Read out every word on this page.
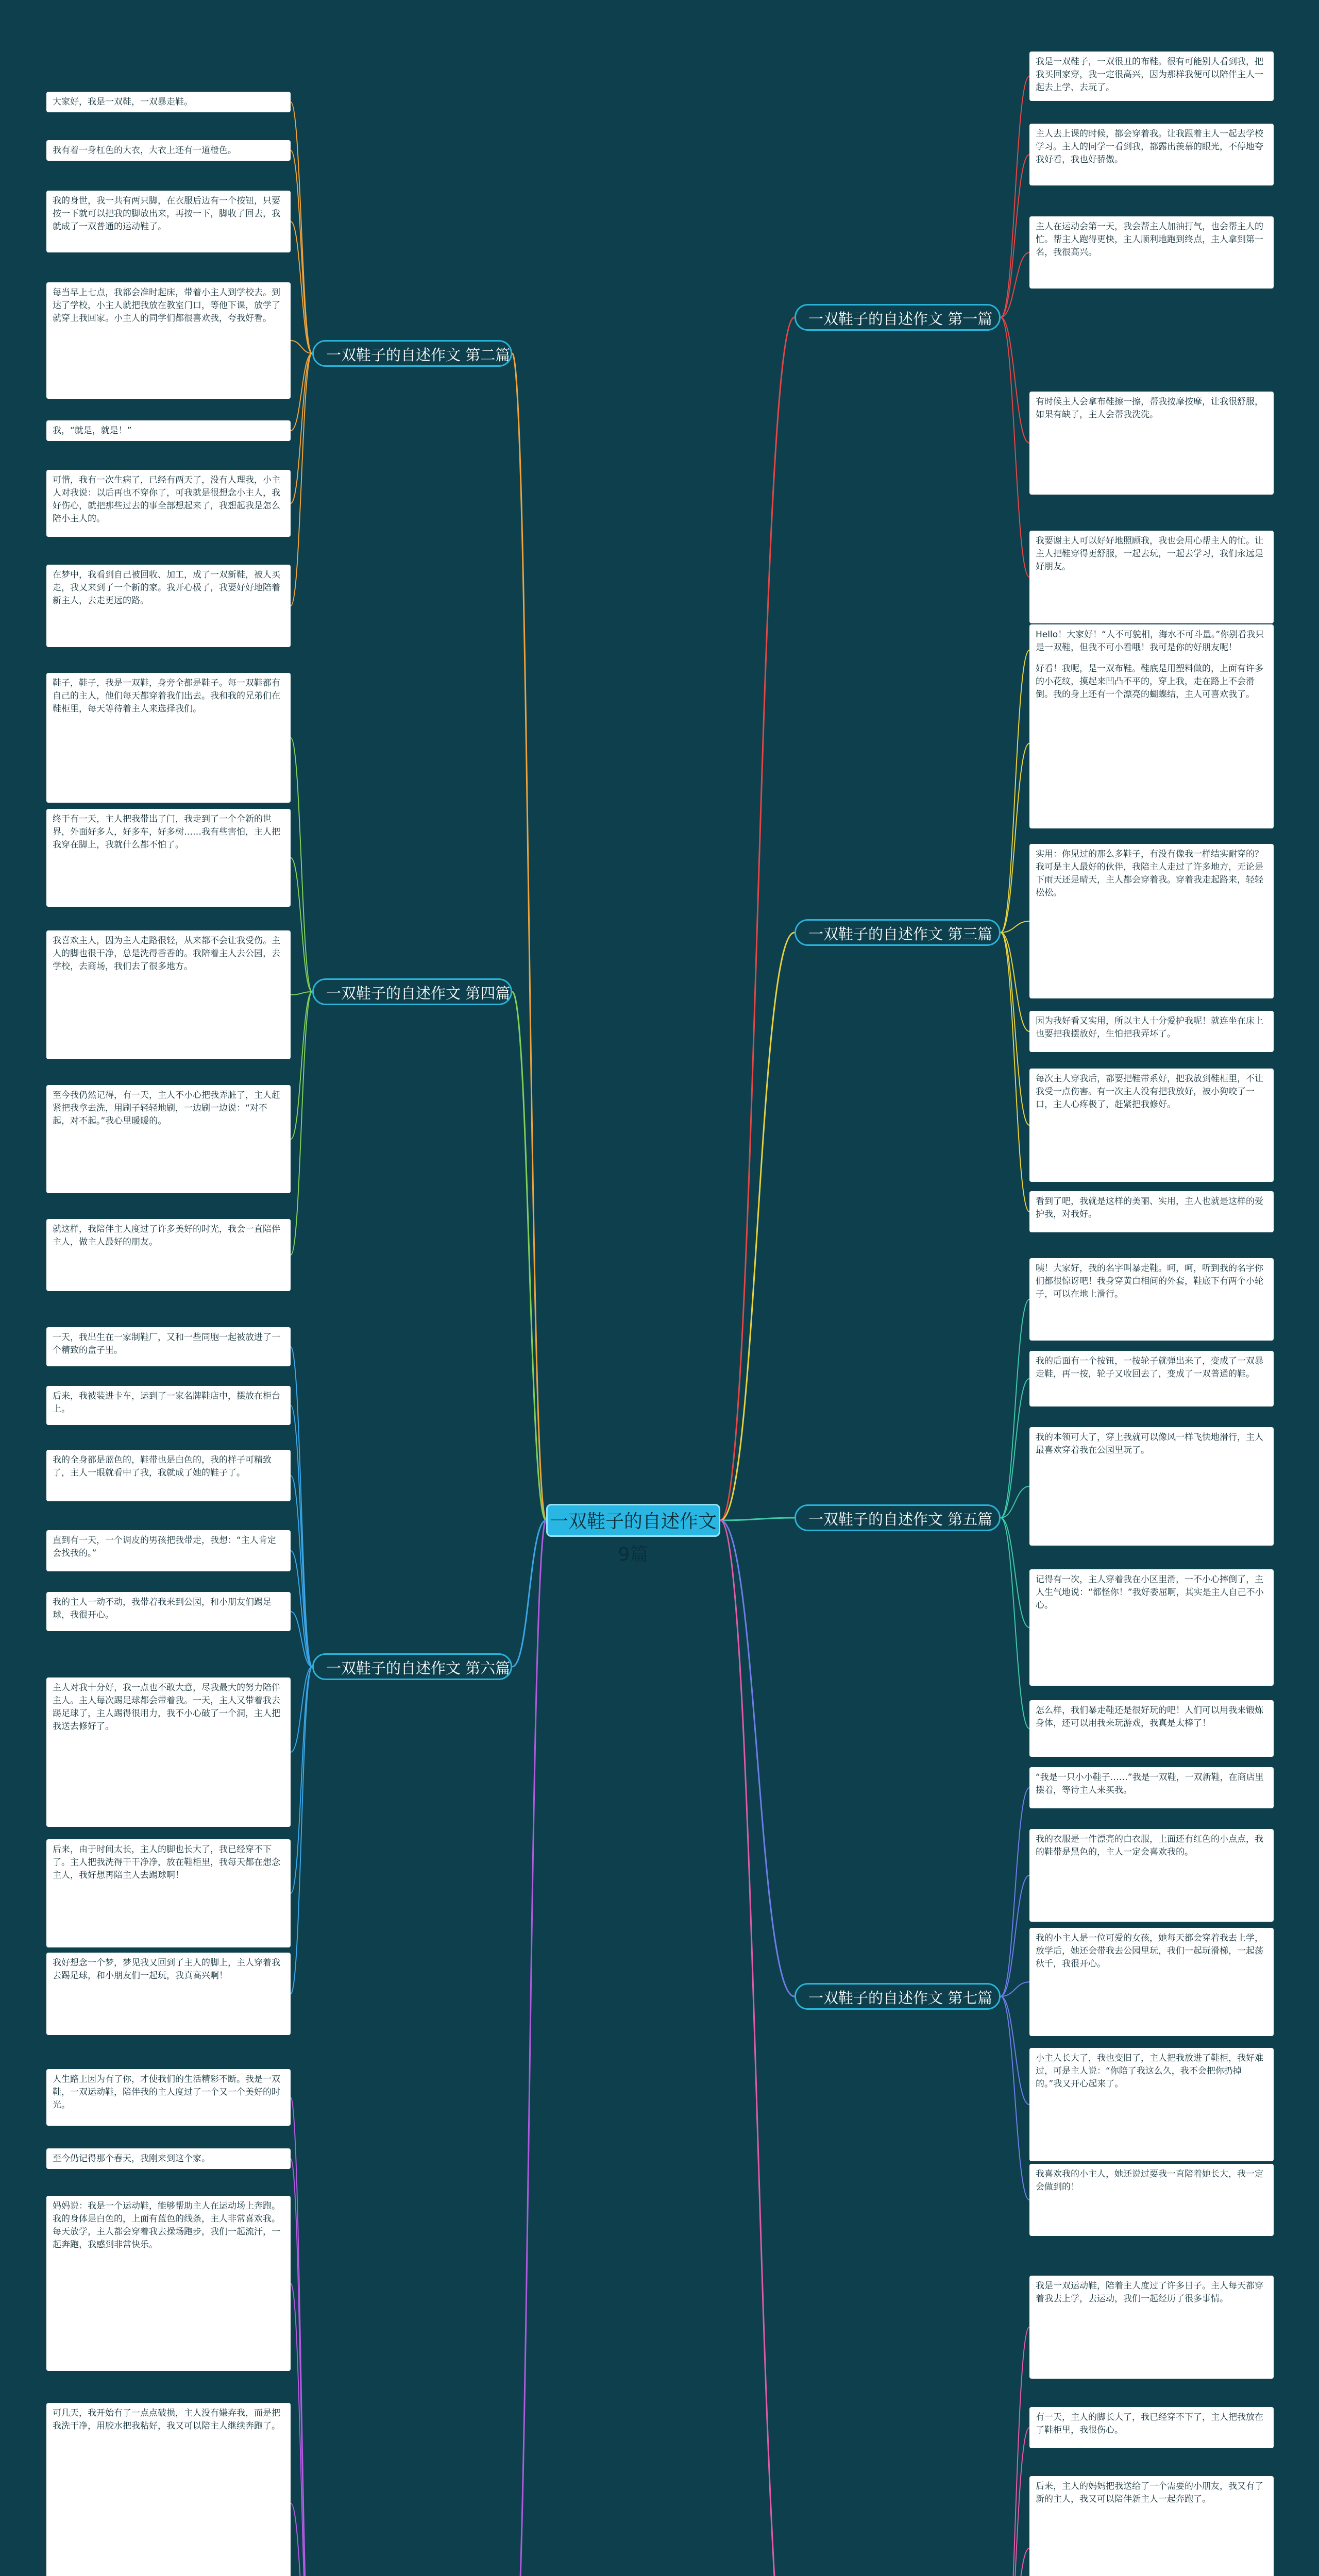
一双鞋子的自述作文9篇
一双鞋子的自述作文 第一篇
一双鞋子的自述作文 第二篇
一双鞋子的自述作文 第三篇
一双鞋子的自述作文 第四篇
一双鞋子的自述作文 第五篇
一双鞋子的自述作文 第六篇
一双鞋子的自述作文 第七篇
我是一双鞋子，一双很丑的布鞋。很有可能别人看到我，把我买回家穿，我一定很高兴，因为那样我便可以陪伴主人一起去上学、去玩了。
主人去上课的时候，都会穿着我。让我跟着主人一起去学校学习。主人的同学一看到我，都露出羡慕的眼光，不停地夸我好看，我也好骄傲。
主人在运动会第一天，我会帮主人加油打气，也会帮主人的忙。帮主人跑得更快，主人顺利地跑到终点，主人拿到第一名，我很高兴。
有时候主人会拿布鞋擦一擦，帮我按摩按摩，让我很舒服，如果有缺了，主人会帮我洗洗。
我要谢主人可以好好地照顾我，我也会用心帮主人的忙。让主人把鞋穿得更舒服，一起去玩，一起去学习，我们永远是好朋友。
大家好，我是一双鞋，一双暴走鞋。
我有着一身杠色的大衣，大衣上还有一道橙色。
我的身世，我一共有两只脚，在衣服后边有一个按钮，只要按一下就可以把我的脚放出来，再按一下，脚收了回去，我就成了一双普通的运动鞋了。
每当早上七点，我都会准时起床，带着小主人到学校去。到达了学校，小主人就把我放在教室门口，等他下课，放学了就穿上我回家。小主人的同学们都很喜欢我，夸我好看。
我，“就是，就是！”
可惜，我有一次生病了，已经有两天了，没有人理我，小主人对我说：以后再也不穿你了，可我就是很想念小主人，我好伤心，就把那些过去的事全部想起来了，我想起我是怎么陪小主人的。
在梦中，我看到自己被回收、加工，成了一双新鞋，被人买走，我又来到了一个新的家。我开心极了，我要好好地陪着新主人，去走更远的路。
Hello！大家好！“人不可貌相，海水不可斗量。”你别看我只是一双鞋，但我不可小看哦！我可是你的好朋友呢！
好看！我呢，是一双布鞋。鞋底是用塑料做的，上面有许多的小花纹，摸起来凹凸不平的，穿上我，走在路上不会滑倒。我的身上还有一个漂亮的蝴蝶结，主人可喜欢我了。
实用：你见过的那么多鞋子，有没有像我一样结实耐穿的？我可是主人最好的伙伴，我陪主人走过了许多地方，无论是下雨天还是晴天，主人都会穿着我。穿着我走起路来，轻轻松松。
因为我好看又实用，所以主人十分爱护我呢！就连坐在床上也要把我摆放好，生怕把我弄坏了。
每次主人穿我后，都要把鞋带系好，把我放到鞋柜里，不让我受一点伤害。有一次主人没有把我放好，被小狗咬了一口，主人心疼极了，赶紧把我修好。
看到了吧，我就是这样的美丽、实用，主人也就是这样的爱护我，对我好。
鞋子，鞋子，我是一双鞋，身旁全都是鞋子。每一双鞋都有自己的主人，他们每天都穿着我们出去。我和我的兄弟们在鞋柜里，每天等待着主人来选择我们。
终于有一天，主人把我带出了门，我走到了一个全新的世界，外面好多人，好多车，好多树……我有些害怕，主人把我穿在脚上，我就什么都不怕了。
我喜欢主人，因为主人走路很轻，从来都不会让我受伤。主人的脚也很干净，总是洗得香香的。我陪着主人去公园，去学校，去商场，我们去了很多地方。
至今我仍然记得，有一天，主人不小心把我弄脏了，主人赶紧把我拿去洗，用刷子轻轻地刷，一边刷一边说：“对不起，对不起。”我心里暖暖的。
就这样，我陪伴主人度过了许多美好的时光，我会一直陪伴主人，做主人最好的朋友。
咦！大家好，我的名字叫暴走鞋。呵，呵，听到我的名字你们都很惊讶吧！我身穿黄白相间的外套，鞋底下有两个小轮子，可以在地上滑行。
我的后面有一个按钮，一按轮子就弹出来了，变成了一双暴走鞋，再一按，轮子又收回去了，变成了一双普通的鞋。
我的本领可大了，穿上我就可以像风一样飞快地滑行，主人最喜欢穿着我在公园里玩了。
记得有一次，主人穿着我在小区里滑，一不小心摔倒了，主人生气地说：“都怪你！”我好委屈啊，其实是主人自己不小心。
怎么样，我们暴走鞋还是很好玩的吧！人们可以用我来锻炼身体，还可以用我来玩游戏，我真是太棒了！
一天，我出生在一家制鞋厂，又和一些同胞一起被放进了一个精致的盒子里。
后来，我被装进卡车，运到了一家名牌鞋店中，摆放在柜台上。
我的全身都是蓝色的，鞋带也是白色的，我的样子可精致了，主人一眼就看中了我，我就成了她的鞋子了。
直到有一天，一个调皮的男孩把我带走，我想：“主人肯定会找我的。”
我的主人一动不动，我带着我来到公园，和小朋友们踢足球，我很开心。
主人对我十分好，我一点也不敢大意，尽我最大的努力陪伴主人。主人每次踢足球都会带着我。一天，主人又带着我去踢足球了，主人踢得很用力，我不小心破了一个洞，主人把我送去修好了。
后来，由于时间太长，主人的脚也长大了，我已经穿不下了。主人把我洗得干干净净，放在鞋柜里，我每天都在想念主人，我好想再陪主人去踢球啊！
我好想念一个梦，梦见我又回到了主人的脚上，主人穿着我去踢足球，和小朋友们一起玩，我真高兴啊！
“我是一只小小鞋子……”我是一双鞋，一双新鞋，在商店里摆着，等待主人来买我。
我的衣服是一件漂亮的白衣服，上面还有红色的小点点，我的鞋带是黑色的，主人一定会喜欢我的。
我的小主人是一位可爱的女孩，她每天都会穿着我去上学，放学后，她还会带我去公园里玩，我们一起玩滑梯，一起荡秋千，我很开心。
小主人长大了，我也变旧了，主人把我放进了鞋柜，我好难过，可是主人说：“你陪了我这么久，我不会把你扔掉的。”我又开心起来了。
我喜欢我的小主人，她还说过要我一直陪着她长大，我一定会做到的！
人生路上因为有了你，才使我们的生活精彩不断。我是一双鞋，一双运动鞋，陪伴我的主人度过了一个又一个美好的时光。
至今仍记得那个春天，我刚来到这个家。
妈妈说：我是一个运动鞋，能够帮助主人在运动场上奔跑。我的身体是白色的，上面有蓝色的线条，主人非常喜欢我。每天放学，主人都会穿着我去操场跑步，我们一起流汗，一起奔跑，我感到非常快乐。
可几天，我开始有了一点点破损，主人没有嫌弃我，而是把我洗干净，用胶水把我粘好，我又可以陪主人继续奔跑了。
我是一双运动鞋，陪着主人度过了许多日子。主人每天都穿着我去上学，去运动，我们一起经历了很多事情。
有一天，主人的脚长大了，我已经穿不下了，主人把我放在了鞋柜里，我很伤心。
后来，主人的妈妈把我送给了一个需要的小朋友，我又有了新的主人，我又可以陪伴新主人一起奔跑了。
